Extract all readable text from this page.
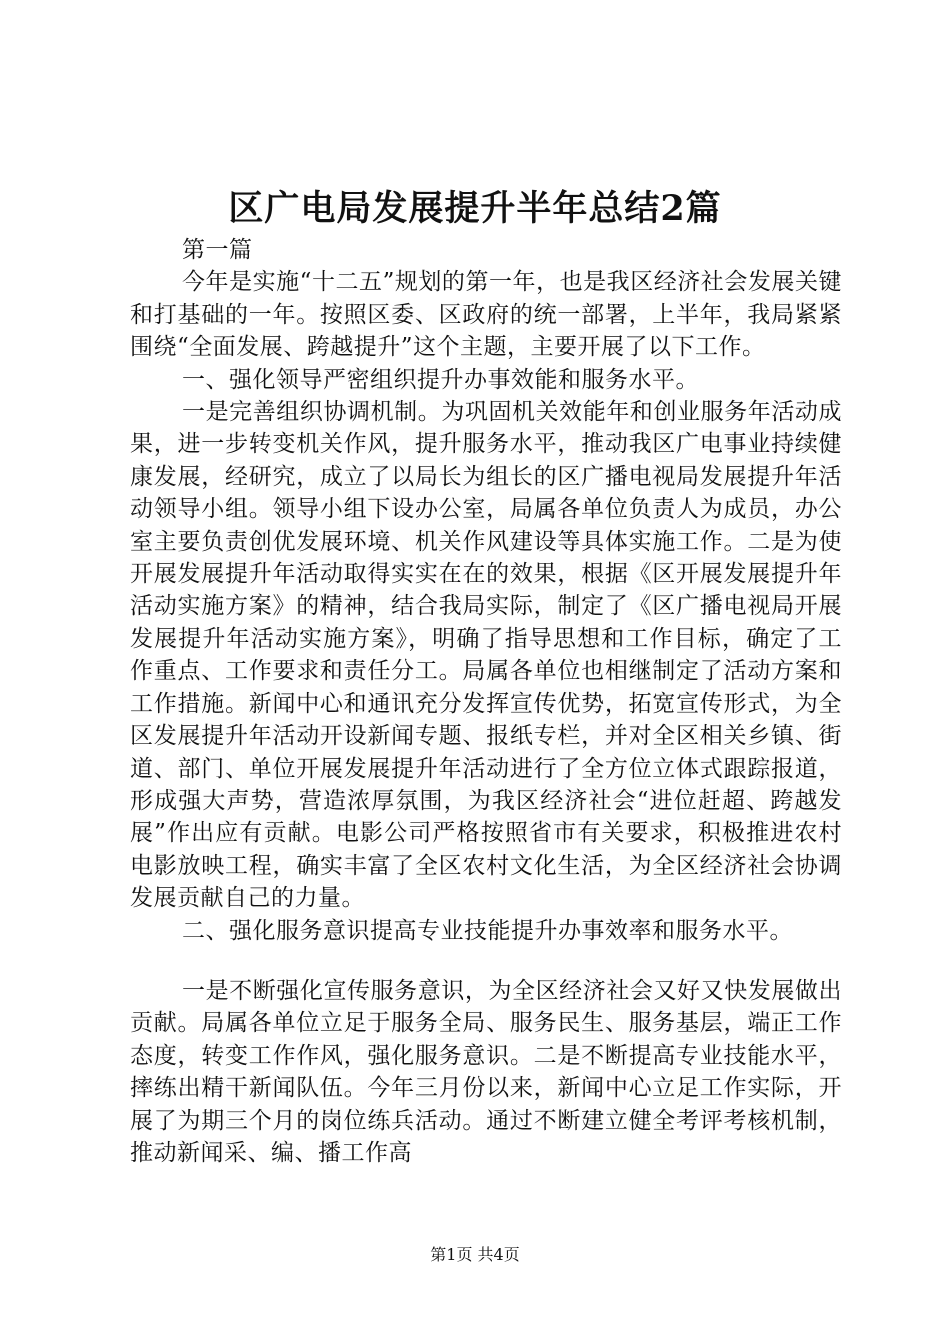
区广电局发展提升半年总结2篇

第一篇

今年是实施“十二五”规划的第一年，也是我区经济社会发展关键和打基础的一年。按照区委、区政府的统一部署，上半年，我局紧紧围绕“全面发展、跨越提升”这个主题，主要开展了以下工作。

一、强化领导严密组织提升办事效能和服务水平。

一是完善组织协调机制。为巩固机关效能年和创业服务年活动成果，进一步转变机关作风，提升服务水平，推动我区广电事业持续健康发展，经研究，成立了以局长为组长的区广播电视局发展提升年活动领导小组。领导小组下设办公室，局属各单位负责人为成员，办公室主要负责创优发展环境、机关作风建设等具体实施工作。二是为使开展发展提升年活动取得实实在在的效果，根据《区开展发展提升年活动实施方案》的精神，结合我局实际，制定了《区广播电视局开展发展提升年活动实施方案》，明确了指导思想和工作目标，确定了工作重点、工作要求和责任分工。局属各单位也相继制定了活动方案和工作措施。新闻中心和通讯充分发挥宣传优势，拓宽宣传形式，为全区发展提升年活动开设新闻专题、报纸专栏，并对全区相关乡镇、街道、部门、单位开展发展提升年活动进行了全方位立体式跟踪报道，形成强大声势，营造浓厚氛围，为我区经济社会“进位赶超、跨越发展”作出应有贡献。电影公司严格按照省市有关要求，积极推进农村电影放映工程，确实丰富了全区农村文化生活，为全区经济社会协调发展贡献自己的力量。

二、强化服务意识提高专业技能提升办事效率和服务水平。

一是不断强化宣传服务意识，为全区经济社会又好又快发展做出贡献。局属各单位立足于服务全局、服务民生、服务基层，端正工作态度，转变工作作风，强化服务意识。二是不断提高专业技能水平，摔练出精干新闻队伍。今年三月份以来，新闻中心立足工作实际，开展了为期三个月的岗位练兵活动。通过不断建立健全考评考核机制，推动新闻采、编、播工作高

第1页 共4页
